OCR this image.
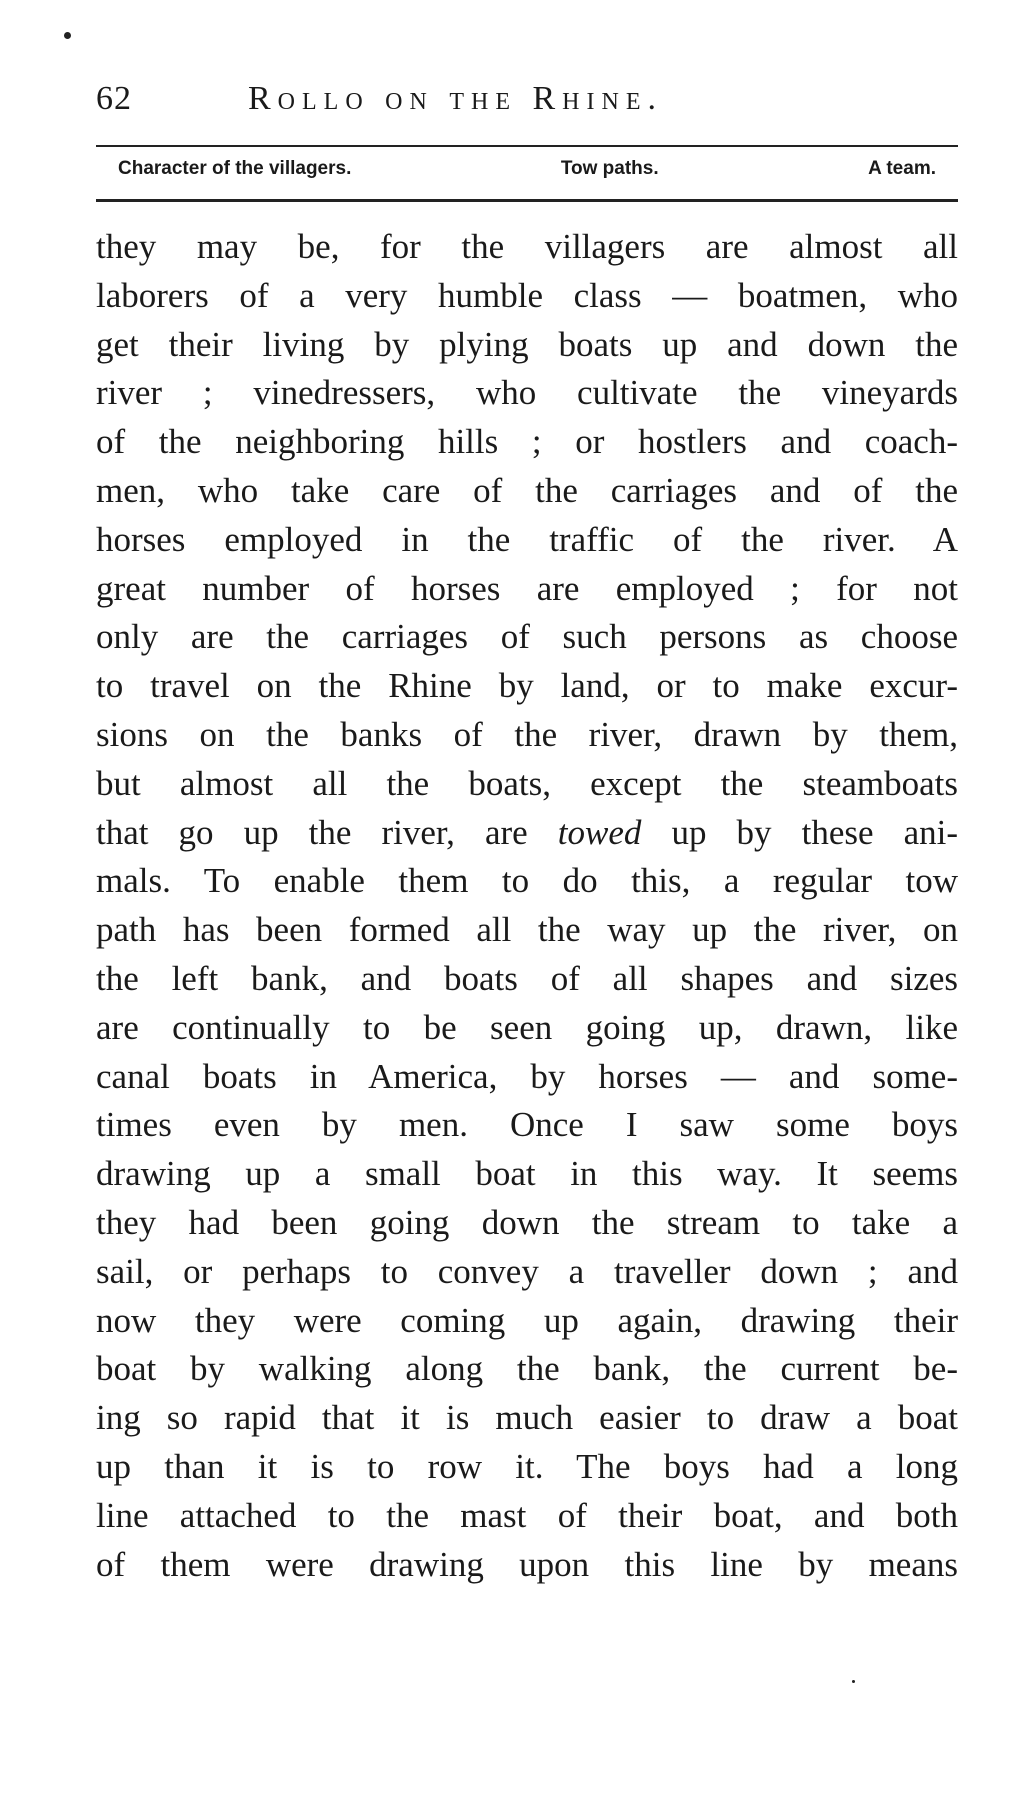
62	Rollo on the Rhine.
Character of the villagers.	Tow paths.	A team.
they may be, for the villagers are almost all
laborers of a very humble class — boatmen, who
get their living by plying boats up and down the
river ; vinedressers, who cultivate the vineyards
of the neighboring hills ; or hostlers and coach-
men, who take care of the carriages and of the
horses employed in the traffic of the river. A
great number of horses are employed ; for not
only are the carriages of such persons as choose
to travel on the Rhine by land, or to make excur-
sions on the banks of the river, drawn by them,
but almost all the boats, except the steamboats
that go up the river, are towed up by these ani-
mals. To enable them to do this, a regular tow
path has been formed all the way up the river, on
the left bank, and boats of all shapes and sizes
are continually to be seen going up, drawn, like
canal boats in America, by horses — and some-
times even by men. Once I saw some boys
drawing up a small boat in this way. It seems
they had been going down the stream to take a
sail, or perhaps to convey a traveller down ; and
now they were coming up again, drawing their
boat by walking along the bank, the current be-
ing so rapid that it is much easier to draw a boat
up than it is to row it. The boys had a long
line attached to the mast of their boat, and both
of them were drawing upon this line by means
